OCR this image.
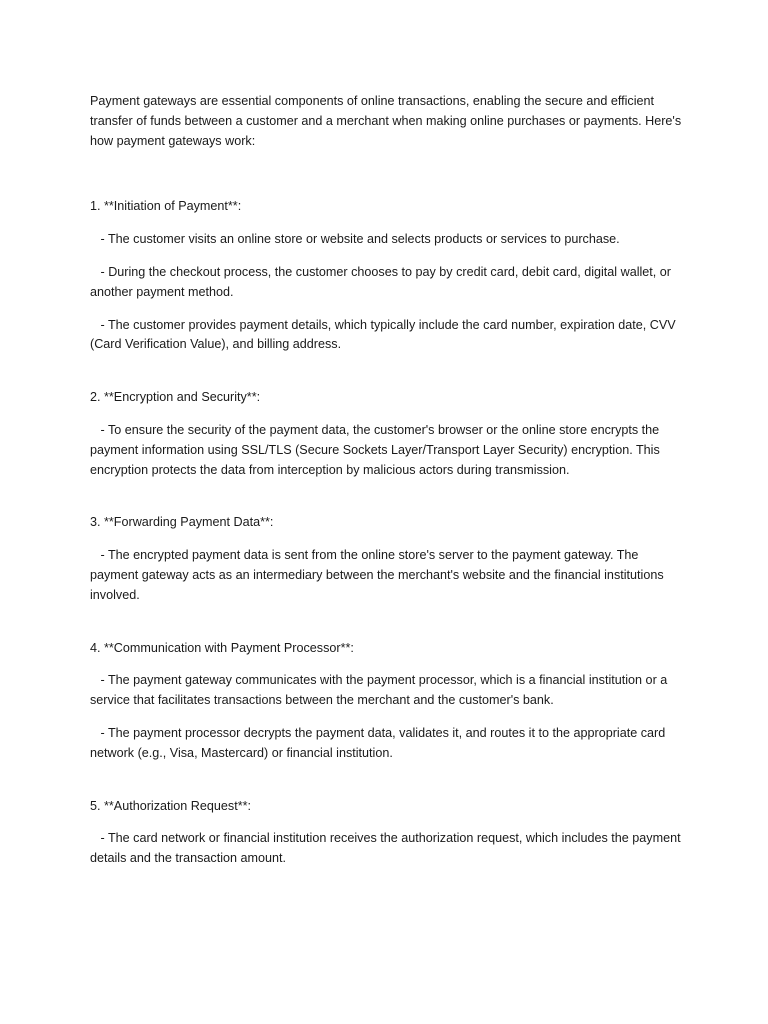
Payment gateways are essential components of online transactions, enabling the secure and efficient transfer of funds between a customer and a merchant when making online purchases or payments. Here's how payment gateways work:

1. **Initiation of Payment**:

- The customer visits an online store or website and selects products or services to purchase.

- During the checkout process, the customer chooses to pay by credit card, debit card, digital wallet, or another payment method.

- The customer provides payment details, which typically include the card number, expiration date, CVV (Card Verification Value), and billing address.

2. **Encryption and Security**:

- To ensure the security of the payment data, the customer's browser or the online store encrypts the payment information using SSL/TLS (Secure Sockets Layer/Transport Layer Security) encryption. This encryption protects the data from interception by malicious actors during transmission.

3. **Forwarding Payment Data**:

- The encrypted payment data is sent from the online store's server to the payment gateway. The payment gateway acts as an intermediary between the merchant's website and the financial institutions involved.

4. **Communication with Payment Processor**:

- The payment gateway communicates with the payment processor, which is a financial institution or a service that facilitates transactions between the merchant and the customer's bank.

- The payment processor decrypts the payment data, validates it, and routes it to the appropriate card network (e.g., Visa, Mastercard) or financial institution.

5. **Authorization Request**:

- The card network or financial institution receives the authorization request, which includes the payment details and the transaction amount.
